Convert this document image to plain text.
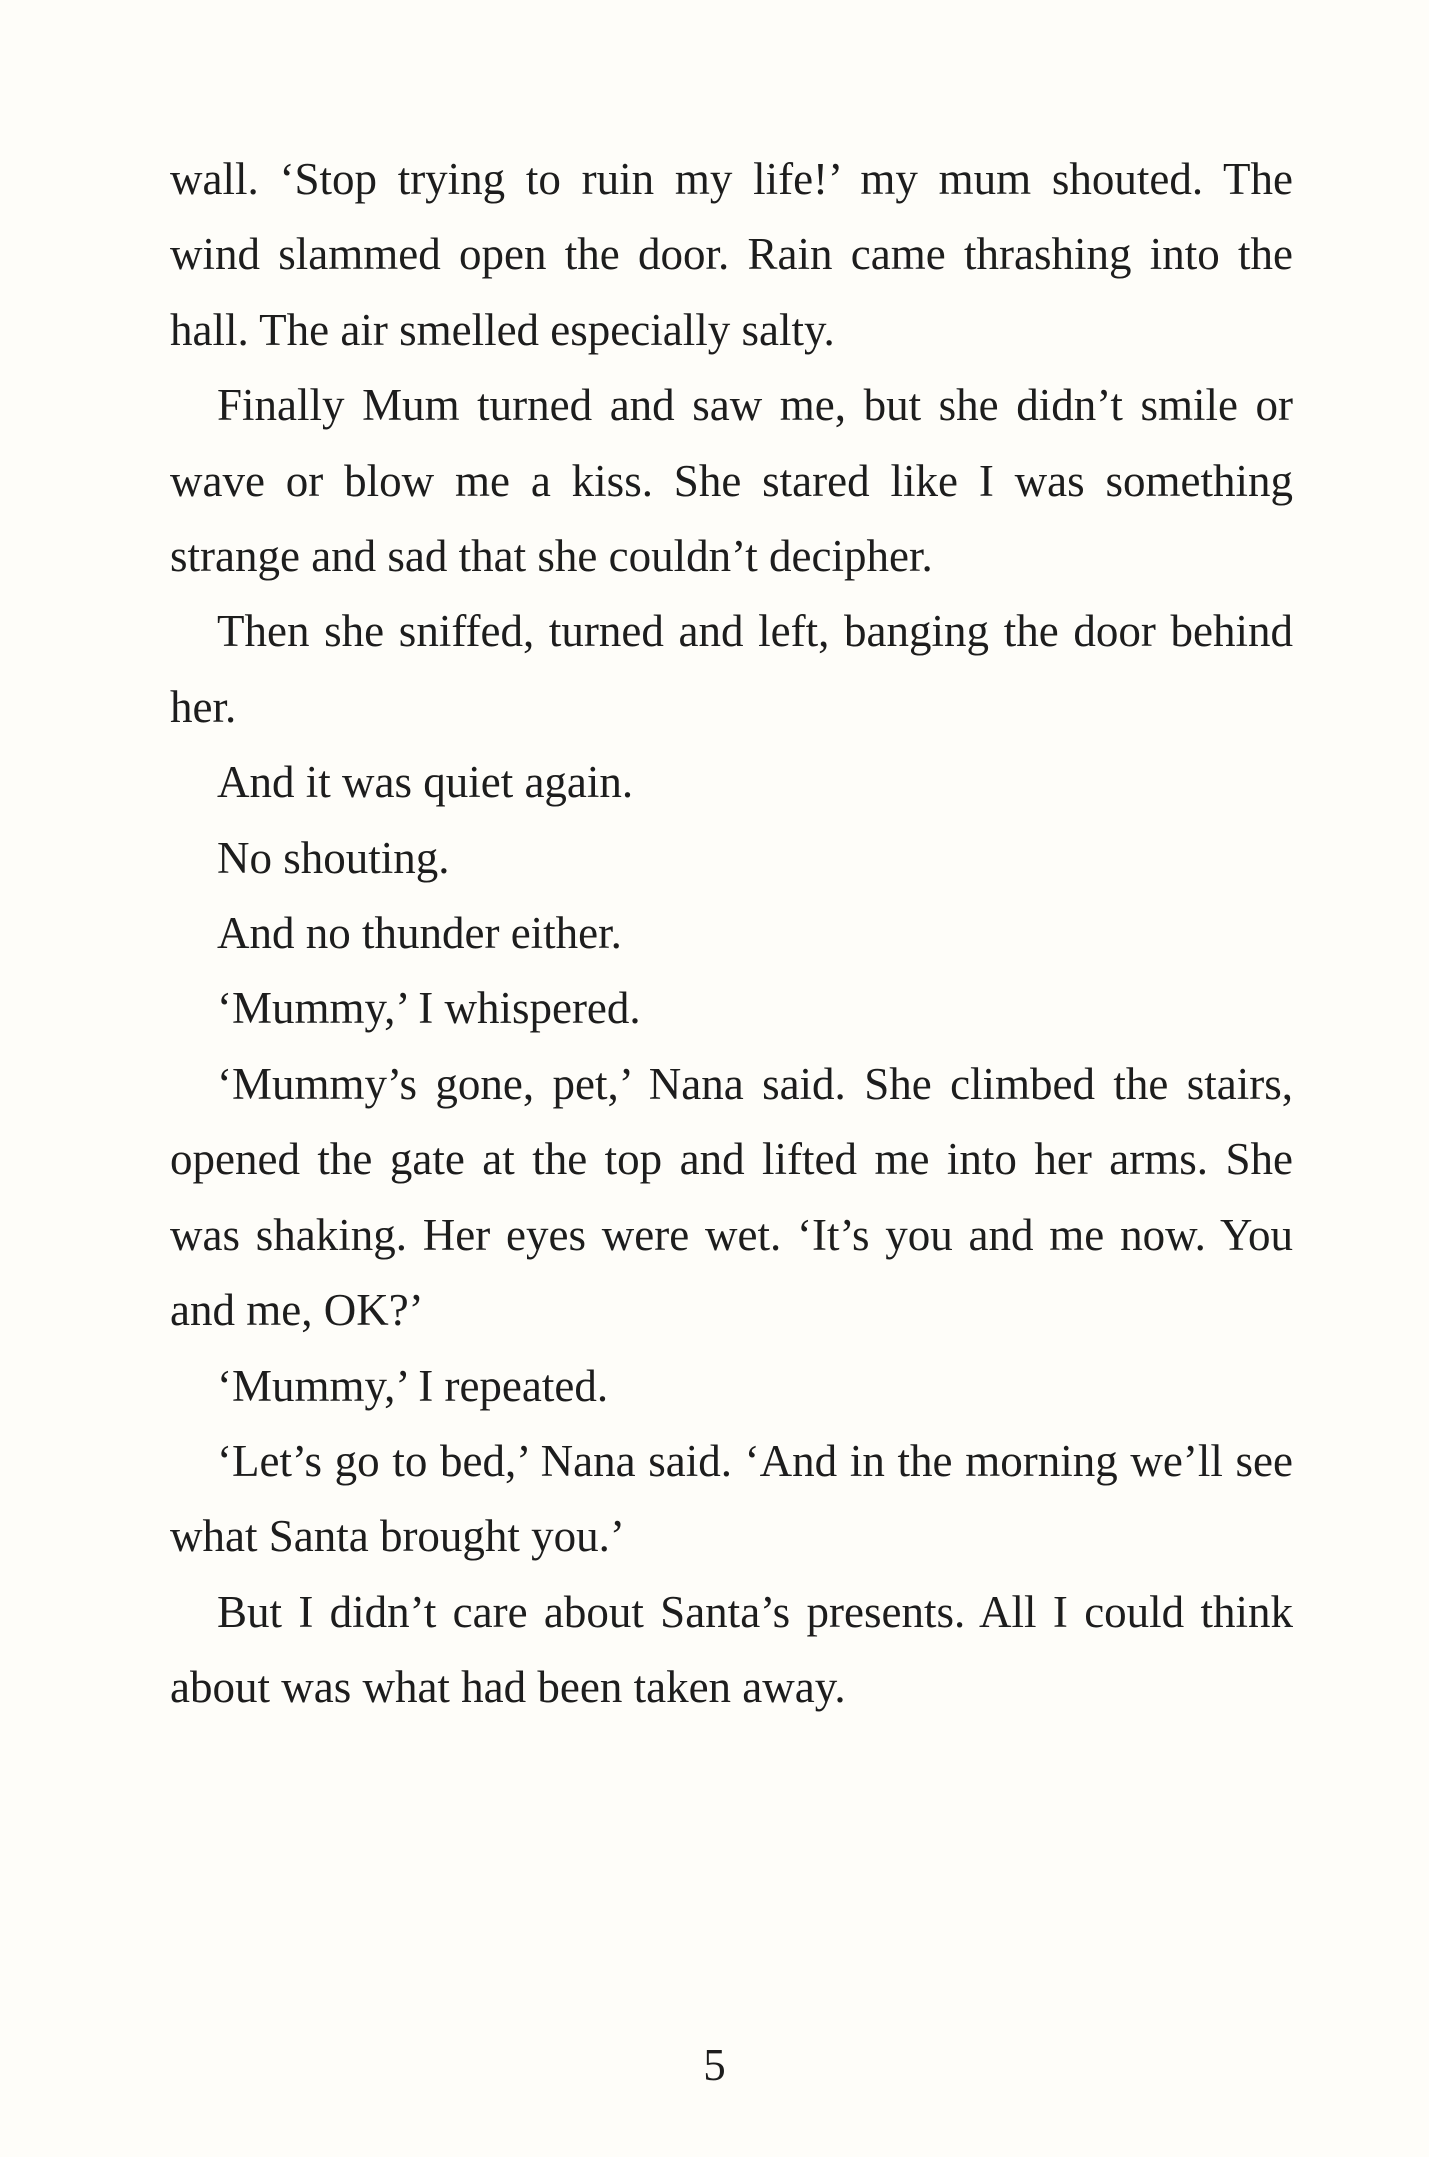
wall. ‘Stop trying to ruin my life!’ my mum shouted. The wind slammed open the door. Rain came thrashing into the hall. The air smelled especially salty.

Finally Mum turned and saw me, but she didn’t smile or wave or blow me a kiss. She stared like I was something strange and sad that she couldn’t decipher.

Then she sniffed, turned and left, banging the door behind her.

And it was quiet again.

No shouting.

And no thunder either.

‘Mummy,’ I whispered.

‘Mummy’s gone, pet,’ Nana said. She climbed the stairs, opened the gate at the top and lifted me into her arms. She was shaking. Her eyes were wet. ‘It’s you and me now. You and me, OK?’

‘Mummy,’ I repeated.

‘Let’s go to bed,’ Nana said. ‘And in the morning we’ll see what Santa brought you.’

But I didn’t care about Santa’s presents. All I could think about was what had been taken away.

5
